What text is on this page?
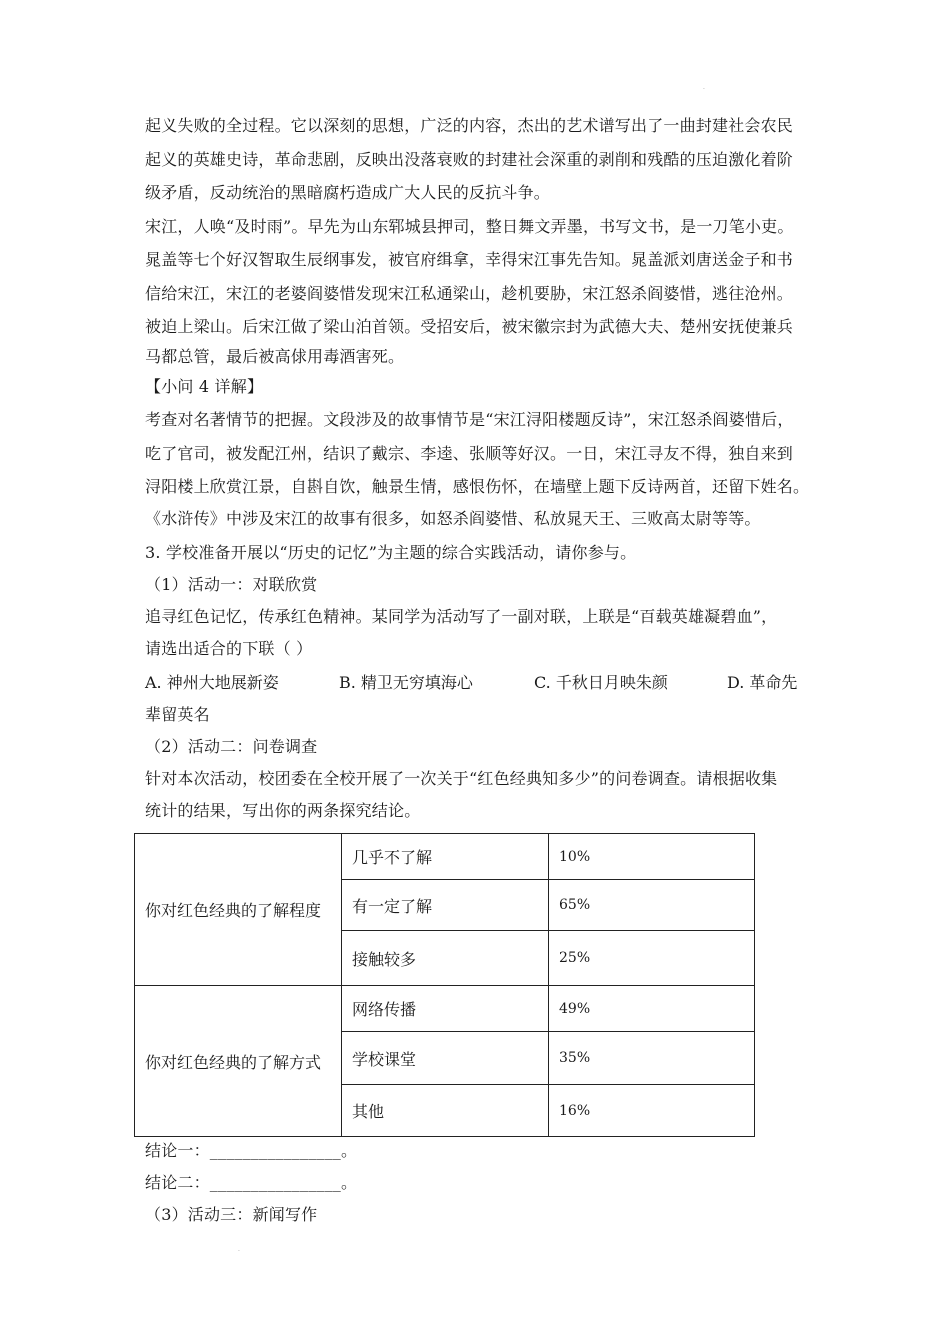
·
起义失败的全过程。它以深刻的思想，广泛的内容，杰出的艺术谱写出了一曲封建社会农民
起义的英雄史诗，革命悲剧，反映出没落衰败的封建社会深重的剥削和残酷的压迫激化着阶
级矛盾，反动统治的黑暗腐朽造成广大人民的反抗斗争。
宋江，人唤“及时雨”。早先为山东郓城县押司，整日舞文弄墨，书写文书，是一刀笔小吏。
晁盖等七个好汉智取生辰纲事发，被官府缉拿，幸得宋江事先告知。晁盖派刘唐送金子和书
信给宋江，宋江的老婆阎婆惜发现宋江私通梁山，趁机要胁，宋江怒杀阎婆惜，逃往沧州。
被迫上梁山。后宋江做了梁山泊首领。受招安后，被宋徽宗封为武德大夫、楚州安抚使兼兵
马都总管，最后被高俅用毒酒害死。
【小问 4 详解】
考查对名著情节的把握。文段涉及的故事情节是“宋江浔阳楼题反诗”，宋江怒杀阎婆惜后，
吃了官司，被发配江州，结识了戴宗、李逵、张顺等好汉。一日，宋江寻友不得，独自来到
浔阳楼上欣赏江景，自斟自饮，触景生情，感恨伤怀，在墙壁上题下反诗两首，还留下姓名。
《水浒传》中涉及宋江的故事有很多，如怒杀阎婆惜、私放晁天王、三败高太尉等等。
3. 学校准备开展以“历史的记忆”为主题的综合实践活动，请你参与。
（1）活动一：对联欣赏
追寻红色记忆，传承红色精神。某同学为活动写了一副对联，上联是“百载英雄凝碧血”，
请选出适合的下联（ ）
A. 神州大地展新姿	B. 精卫无穷填海心	C. 千秋日月映朱颜	D. 革命先
辈留英名
（2）活动二：问卷调查
针对本次活动，校团委在全校开展了一次关于“红色经典知多少”的问卷调查。请根据收集
统计的结果，写出你的两条探究结论。
你对红色经典的了解程度	几乎不了解	10%
	有一定了解	65%
	接触较多	25%
你对红色经典的了解方式	网络传播	49%
	学校课堂	35%
	其他	16%
结论一：________________。
结论二：________________。
（3）活动三：新闻写作
·
